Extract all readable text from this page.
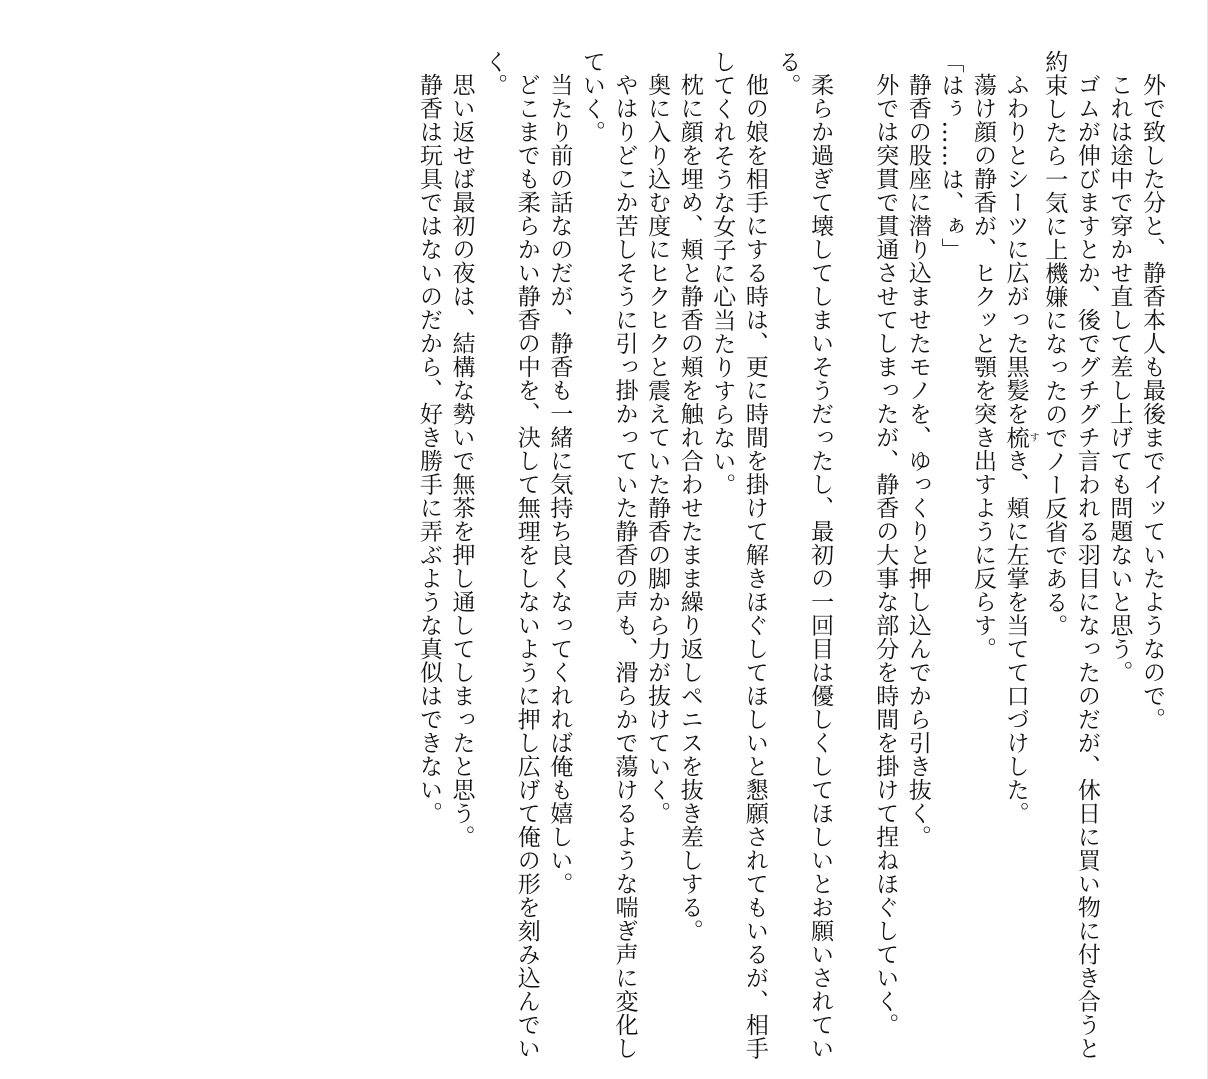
外で致した分と、静香本人も最後までイッていたようなので。

これは途中で穿かせ直して差し上げても問題ないと思う。

ゴムが伸びますとか、後でグチグチ言われる羽目になったのだが、休日に買い物に付き合うと約束したら一気に上機嫌になったのでノー反省である。

ふわりとシーツに広がった黒髪を梳すき、頬に左掌を当てて口づけした。

蕩け顔の静香が、ヒクッと顎を突き出すように反らす。

「はぅ……は、ぁ」

静香の股座に潜り込ませたモノを、ゆっくりと押し込んでから引き抜く。

外では突貫で貫通させてしまったが、静香の大事な部分を時間を掛けて捏ねほぐしていく。

柔らか過ぎて壊してしまいそうだったし、最初の一回目は優しくしてほしいとお願いされている。

他の娘を相手にする時は、更に時間を掛けて解きほぐしてほしいと懇願されてもいるが、相手してくれそうな女子に心当たりすらない。

枕に顔を埋め、頬と静香の頬を触れ合わせたまま繰り返しペニスを抜き差しする。

奥に入り込む度にヒクヒクと震えていた静香の脚から力が抜けていく。

やはりどこか苦しそうに引っ掛かっていた静香の声も、滑らかで蕩けるような喘ぎ声に変化していく。

当たり前の話なのだが、静香も一緒に気持ち良くなってくれれば俺も嬉しい。

どこまでも柔らかい静香の中を、決して無理をしないように押し広げて俺の形を刻み込んでいく。

思い返せば最初の夜は、結構な勢いで無茶を押し通してしまったと思う。

静香は玩具ではないのだから、好き勝手に弄ぶような真似はできない。
